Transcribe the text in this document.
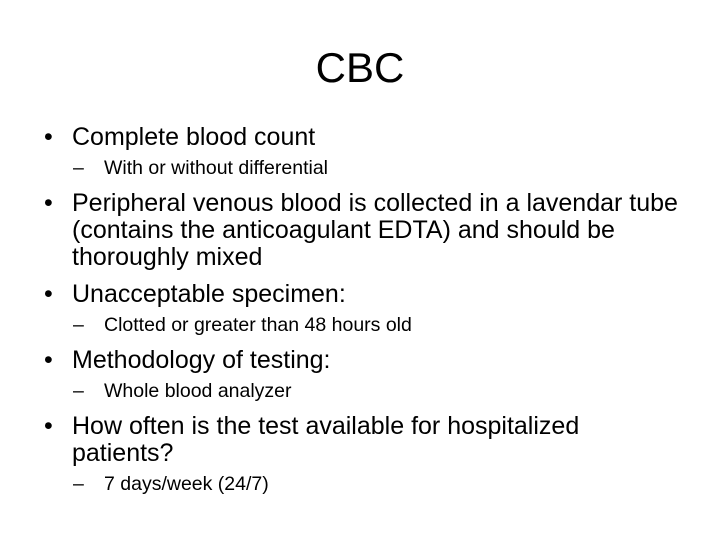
CBC
• Complete blood count
– With or without differential
• Peripheral venous blood is collected in a lavendar tube (contains the anticoagulant EDTA) and should be thoroughly mixed
• Unacceptable specimen:
– Clotted or greater than 48 hours old
• Methodology of testing:
– Whole blood analyzer
• How often is the test available for hospitalized patients?
– 7 days/week (24/7)
